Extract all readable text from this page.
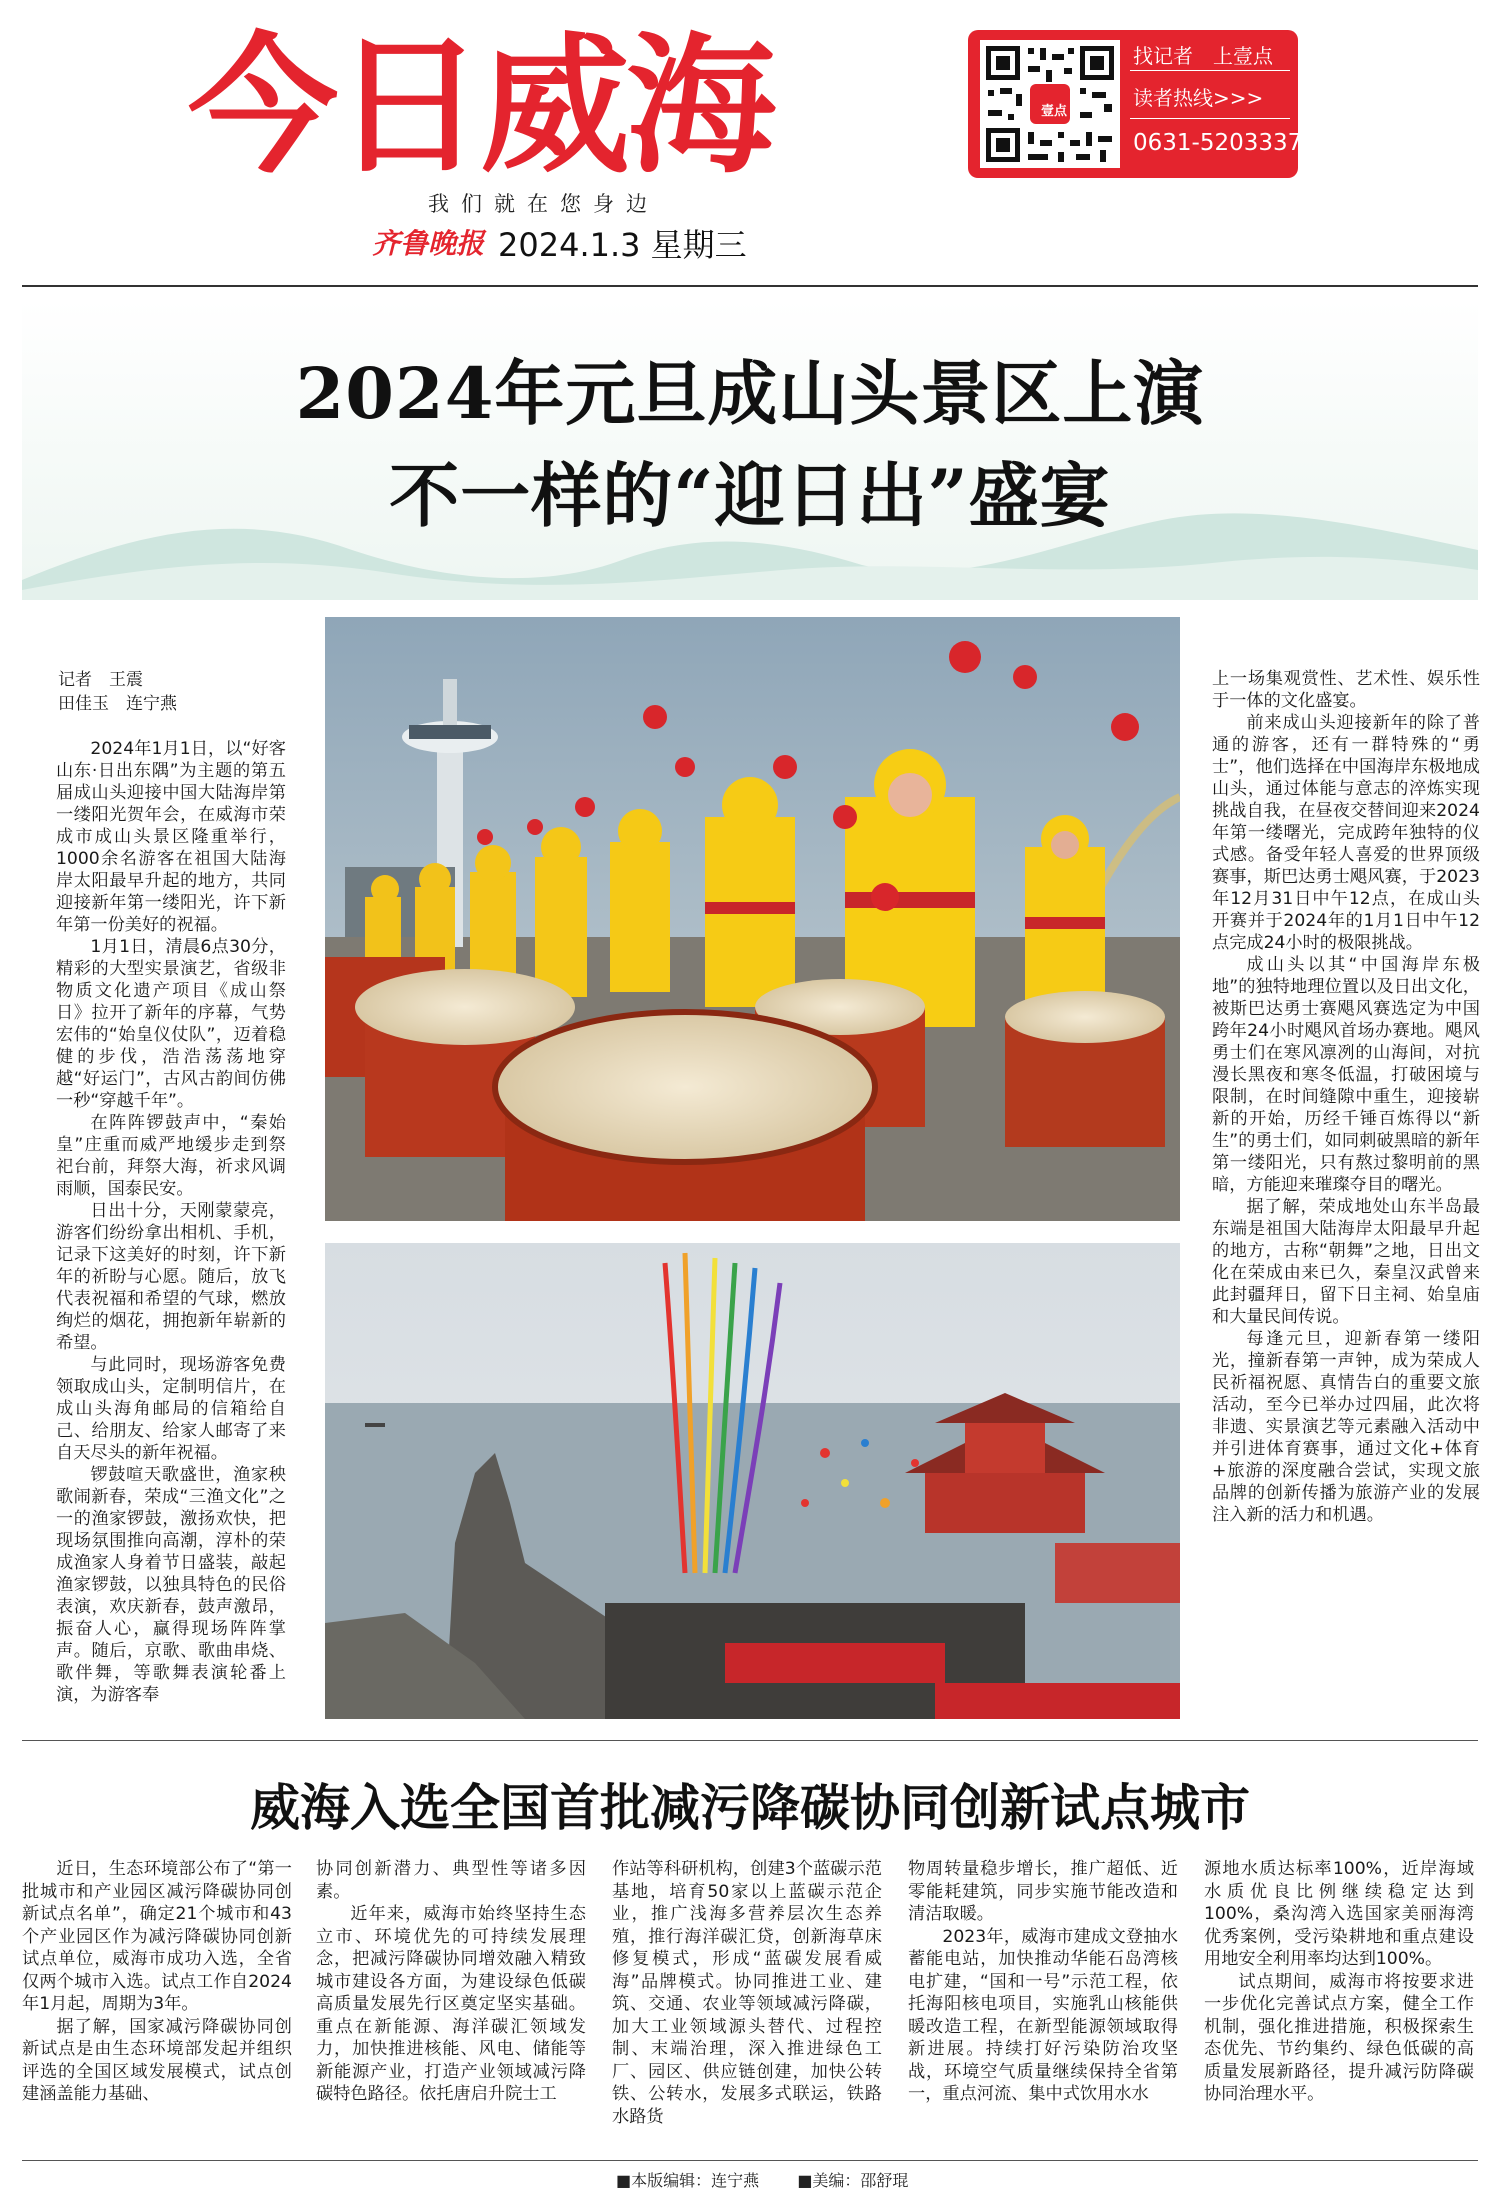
今日威海
我们就在您身边
齐鲁晚报 2024.1.3 星期三
壹点
找记者　上壹点
读者热线>>>
0631-5203337
2024年元旦成山头景区上演
不一样的“迎日出”盛宴
记者　王震
田佳玉　连宁燕

2024年1月1日，以“好客山东·日出东隅”为主题的第五届成山头迎接中国大陆海岸第一缕阳光贺年会，在威海市荣成市成山头景区隆重举行，1000余名游客在祖国大陆海岸太阳最早升起的地方，共同迎接新年第一缕阳光，许下新年第一份美好的祝福。

1月1日，清晨6点30分，精彩的大型实景演艺，省级非物质文化遗产项目《成山祭日》拉开了新年的序幕，气势宏伟的“始皇仪仗队”，迈着稳健的步伐，浩浩荡荡地穿越“好运门”，古风古韵间仿佛一秒“穿越千年”。

在阵阵锣鼓声中，“秦始皇”庄重而威严地缓步走到祭祀台前，拜祭大海，祈求风调雨顺，国泰民安。

日出十分，天刚蒙蒙亮，游客们纷纷拿出相机、手机，记录下这美好的时刻，许下新年的祈盼与心愿。随后，放飞代表祝福和希望的气球，燃放绚烂的烟花，拥抱新年崭新的希望。

与此同时，现场游客免费领取成山头，定制明信片，在成山头海角邮局的信箱给自己、给朋友、给家人邮寄了来自天尽头的新年祝福。

锣鼓喧天歌盛世，渔家秧歌闹新春，荣成“三渔文化”之一的渔家锣鼓，激扬欢快，把现场氛围推向高潮，淳朴的荣成渔家人身着节日盛装，敲起渔家锣鼓，以独具特色的民俗表演，欢庆新春，鼓声激昂，振奋人心，赢得现场阵阵掌声。随后，京歌、歌曲串烧、歌伴舞，等歌舞表演轮番上演，为游客奉

上一场集观赏性、艺术性、娱乐性于一体的文化盛宴。

前来成山头迎接新年的除了普通的游客，还有一群特殊的“勇士”，他们选择在中国海岸东极地成山头，通过体能与意志的淬炼实现挑战自我，在昼夜交替间迎来2024年第一缕曙光，完成跨年独特的仪式感。备受年轻人喜爱的世界顶级赛事，斯巴达勇士飓风赛，于2023年12月31日中午12点，在成山头开赛并于2024年的1月1日中午12点完成24小时的极限挑战。

成山头以其“中国海岸东极地”的独特地理位置以及日出文化，被斯巴达勇士赛飓风赛选定为中国跨年24小时飓风首场办赛地。飓风勇士们在寒风凛冽的山海间，对抗漫长黑夜和寒冬低温，打破困境与限制，在时间缝隙中重生，迎接崭新的开始，历经千锤百炼得以“新生”的勇士们，如同刺破黑暗的新年第一缕阳光，只有熬过黎明前的黑暗，方能迎来璀璨夺目的曙光。

据了解，荣成地处山东半岛最东端是祖国大陆海岸太阳最早升起的地方，古称“朝舞”之地，日出文化在荣成由来已久，秦皇汉武曾来此封疆拜日，留下日主祠、始皇庙和大量民间传说。

每逢元旦，迎新春第一缕阳光，撞新春第一声钟，成为荣成人民祈福祝愿、真情告白的重要文旅活动，至今已举办过四届，此次将非遗、实景演艺等元素融入活动中并引进体育赛事，通过文化+体育+旅游的深度融合尝试，实现文旅品牌的创新传播为旅游产业的发展注入新的活力和机遇。

威海入选全国首批减污降碳协同创新试点城市

近日，生态环境部公布了“第一批城市和产业园区减污降碳协同创新试点名单”，确定21个城市和43个产业园区作为减污降碳协同创新试点单位，威海市成功入选，全省仅两个城市入选。试点工作自2024年1月起，周期为3年。

据了解，国家减污降碳协同创新试点是由生态环境部发起并组织评选的全国区域发展模式，试点创建涵盖能力基础、

协同创新潜力、典型性等诸多因素。

近年来，威海市始终坚持生态立市、环境优先的可持续发展理念，把减污降碳协同增效融入精致城市建设各方面，为建设绿色低碳高质量发展先行区奠定坚实基础。重点在新能源、海洋碳汇领域发力，加快推进核能、风电、储能等新能源产业，打造产业领域减污降碳特色路径。依托唐启升院士工

作站等科研机构，创建3个蓝碳示范基地，培育50家以上蓝碳示范企业，推广浅海多营养层次生态养殖，推行海洋碳汇贷，创新海草床修复模式，形成“蓝碳发展看威海”品牌模式。协同推进工业、建筑、交通、农业等领域减污降碳，加大工业领域源头替代、过程控制、末端治理，深入推进绿色工厂、园区、供应链创建，加快公转铁、公转水，发展多式联运，铁路水路货

物周转量稳步增长，推广超低、近零能耗建筑，同步实施节能改造和清洁取暖。

2023年，威海市建成文登抽水蓄能电站，加快推动华能石岛湾核电扩建，“国和一号”示范工程，依托海阳核电项目，实施乳山核能供暖改造工程，在新型能源领域取得新进展。持续打好污染防治攻坚战，环境空气质量继续保持全省第一，重点河流、集中式饮用水水

源地水质达标率100%，近岸海域水质优良比例继续稳定达到100%，桑沟湾入选国家美丽海湾优秀案例，受污染耕地和重点建设用地安全利用率均达到100%。

试点期间，威海市将按要求进一步优化完善试点方案，健全工作机制，强化推进措施，积极探索生态优先、节约集约、绿色低碳的高质量发展新路径，提升减污防降碳协同治理水平。

■本版编辑：连宁燕 ■美编：邵舒琨
